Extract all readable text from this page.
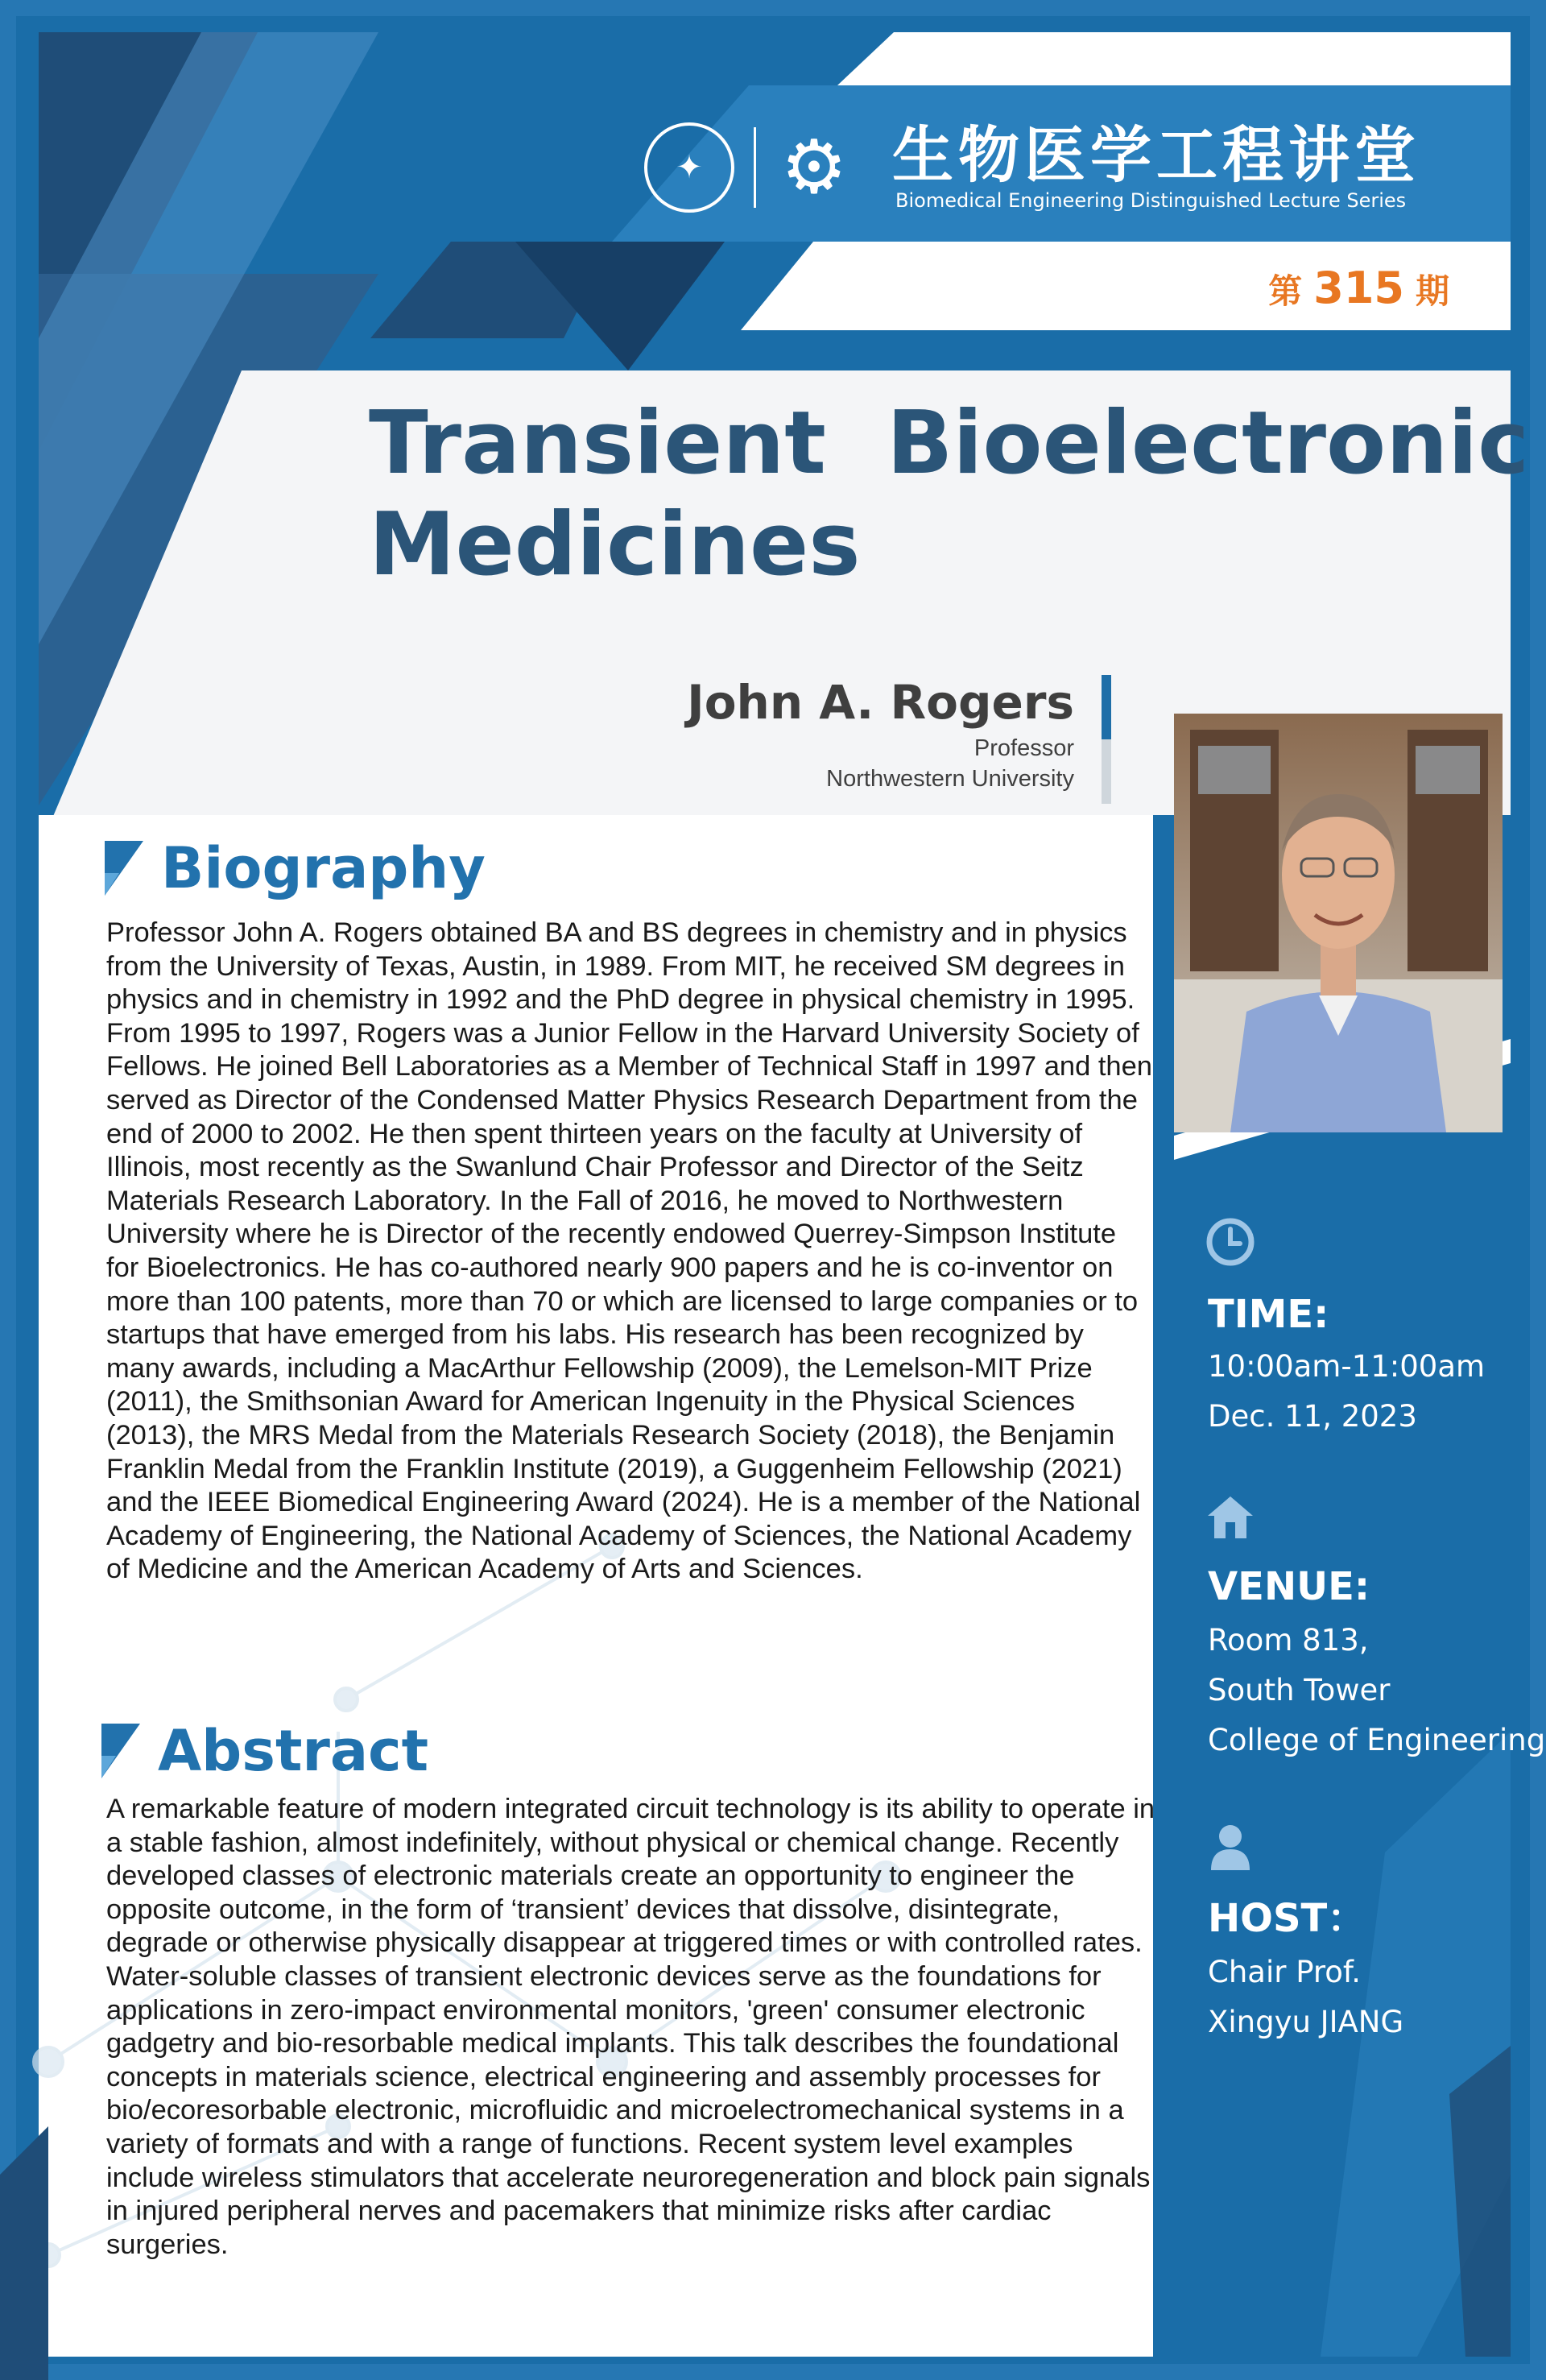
✦	⚙ 生物医学工程讲堂
Biomedical Engineering Distinguished Lecture Series
第 315 期
Transient  Bioelectronic
Medicines
John A. Rogers
Professor
Northwestern University
Biography
Professor John A. Rogers obtained BA and BS degrees in chemistry and in physics from the University of Texas, Austin, in 1989. From MIT, he received SM degrees in physics and in chemistry in 1992 and the PhD degree in physical chemistry in 1995. From 1995 to 1997, Rogers was a Junior Fellow in the Harvard University Society of Fellows. He joined Bell Laboratories as a Member of Technical Staff in 1997 and then served as Director of the Condensed Matter Physics Research Department from the end of 2000 to 2002. He then spent thirteen years on the faculty at University of Illinois, most recently as the Swanlund Chair Professor and Director of the Seitz Materials Research Laboratory. In the Fall of 2016, he moved to Northwestern University where he is Director of the recently endowed Querrey-Simpson Institute for Bioelectronics. He has co-authored nearly 900 papers and he is co-inventor on more than 100 patents, more than 70 or which are licensed to large companies or to startups that have emerged from his labs. His research has been recognized by many awards, including a MacArthur Fellowship (2009), the Lemelson-MIT Prize (2011), the Smithsonian Award for American Ingenuity in the Physical Sciences (2013), the MRS Medal from the Materials Research Society (2018), the Benjamin Franklin Medal from the Franklin Institute (2019), a Guggenheim Fellowship (2021) and the IEEE Biomedical Engineering Award (2024). He is a member of the National Academy of Engineering, the National Academy of Sciences, the National Academy of Medicine and the American Academy of Arts and Sciences.
Abstract
A remarkable feature of modern integrated circuit technology is its ability to operate in a stable fashion, almost indefinitely, without physical or chemical change. Recently developed classes of electronic materials create an opportunity to engineer the opposite outcome, in the form of ‘transient’ devices that dissolve, disintegrate, degrade or otherwise physically disappear at triggered times or with controlled rates. Water-soluble classes of transient electronic devices serve as the foundations for applications in zero-impact environmental monitors, 'green' consumer electronic gadgetry and bio-resorbable medical implants. This talk describes the foundational concepts in materials science, electrical engineering and assembly processes for bio/ecoresorbable electronic, microfluidic and microelectromechanical systems in a variety of formats and with a range of functions. Recent system level examples include wireless stimulators that accelerate neuroregeneration and block pain signals in injured peripheral nerves and pacemakers that minimize risks after cardiac surgeries.
TIME:
10:00am-11:00am
Dec. 11, 2023
VENUE:
Room 813,
South Tower
College of Engineering
HOST：
Chair Prof.
Xingyu JIANG
